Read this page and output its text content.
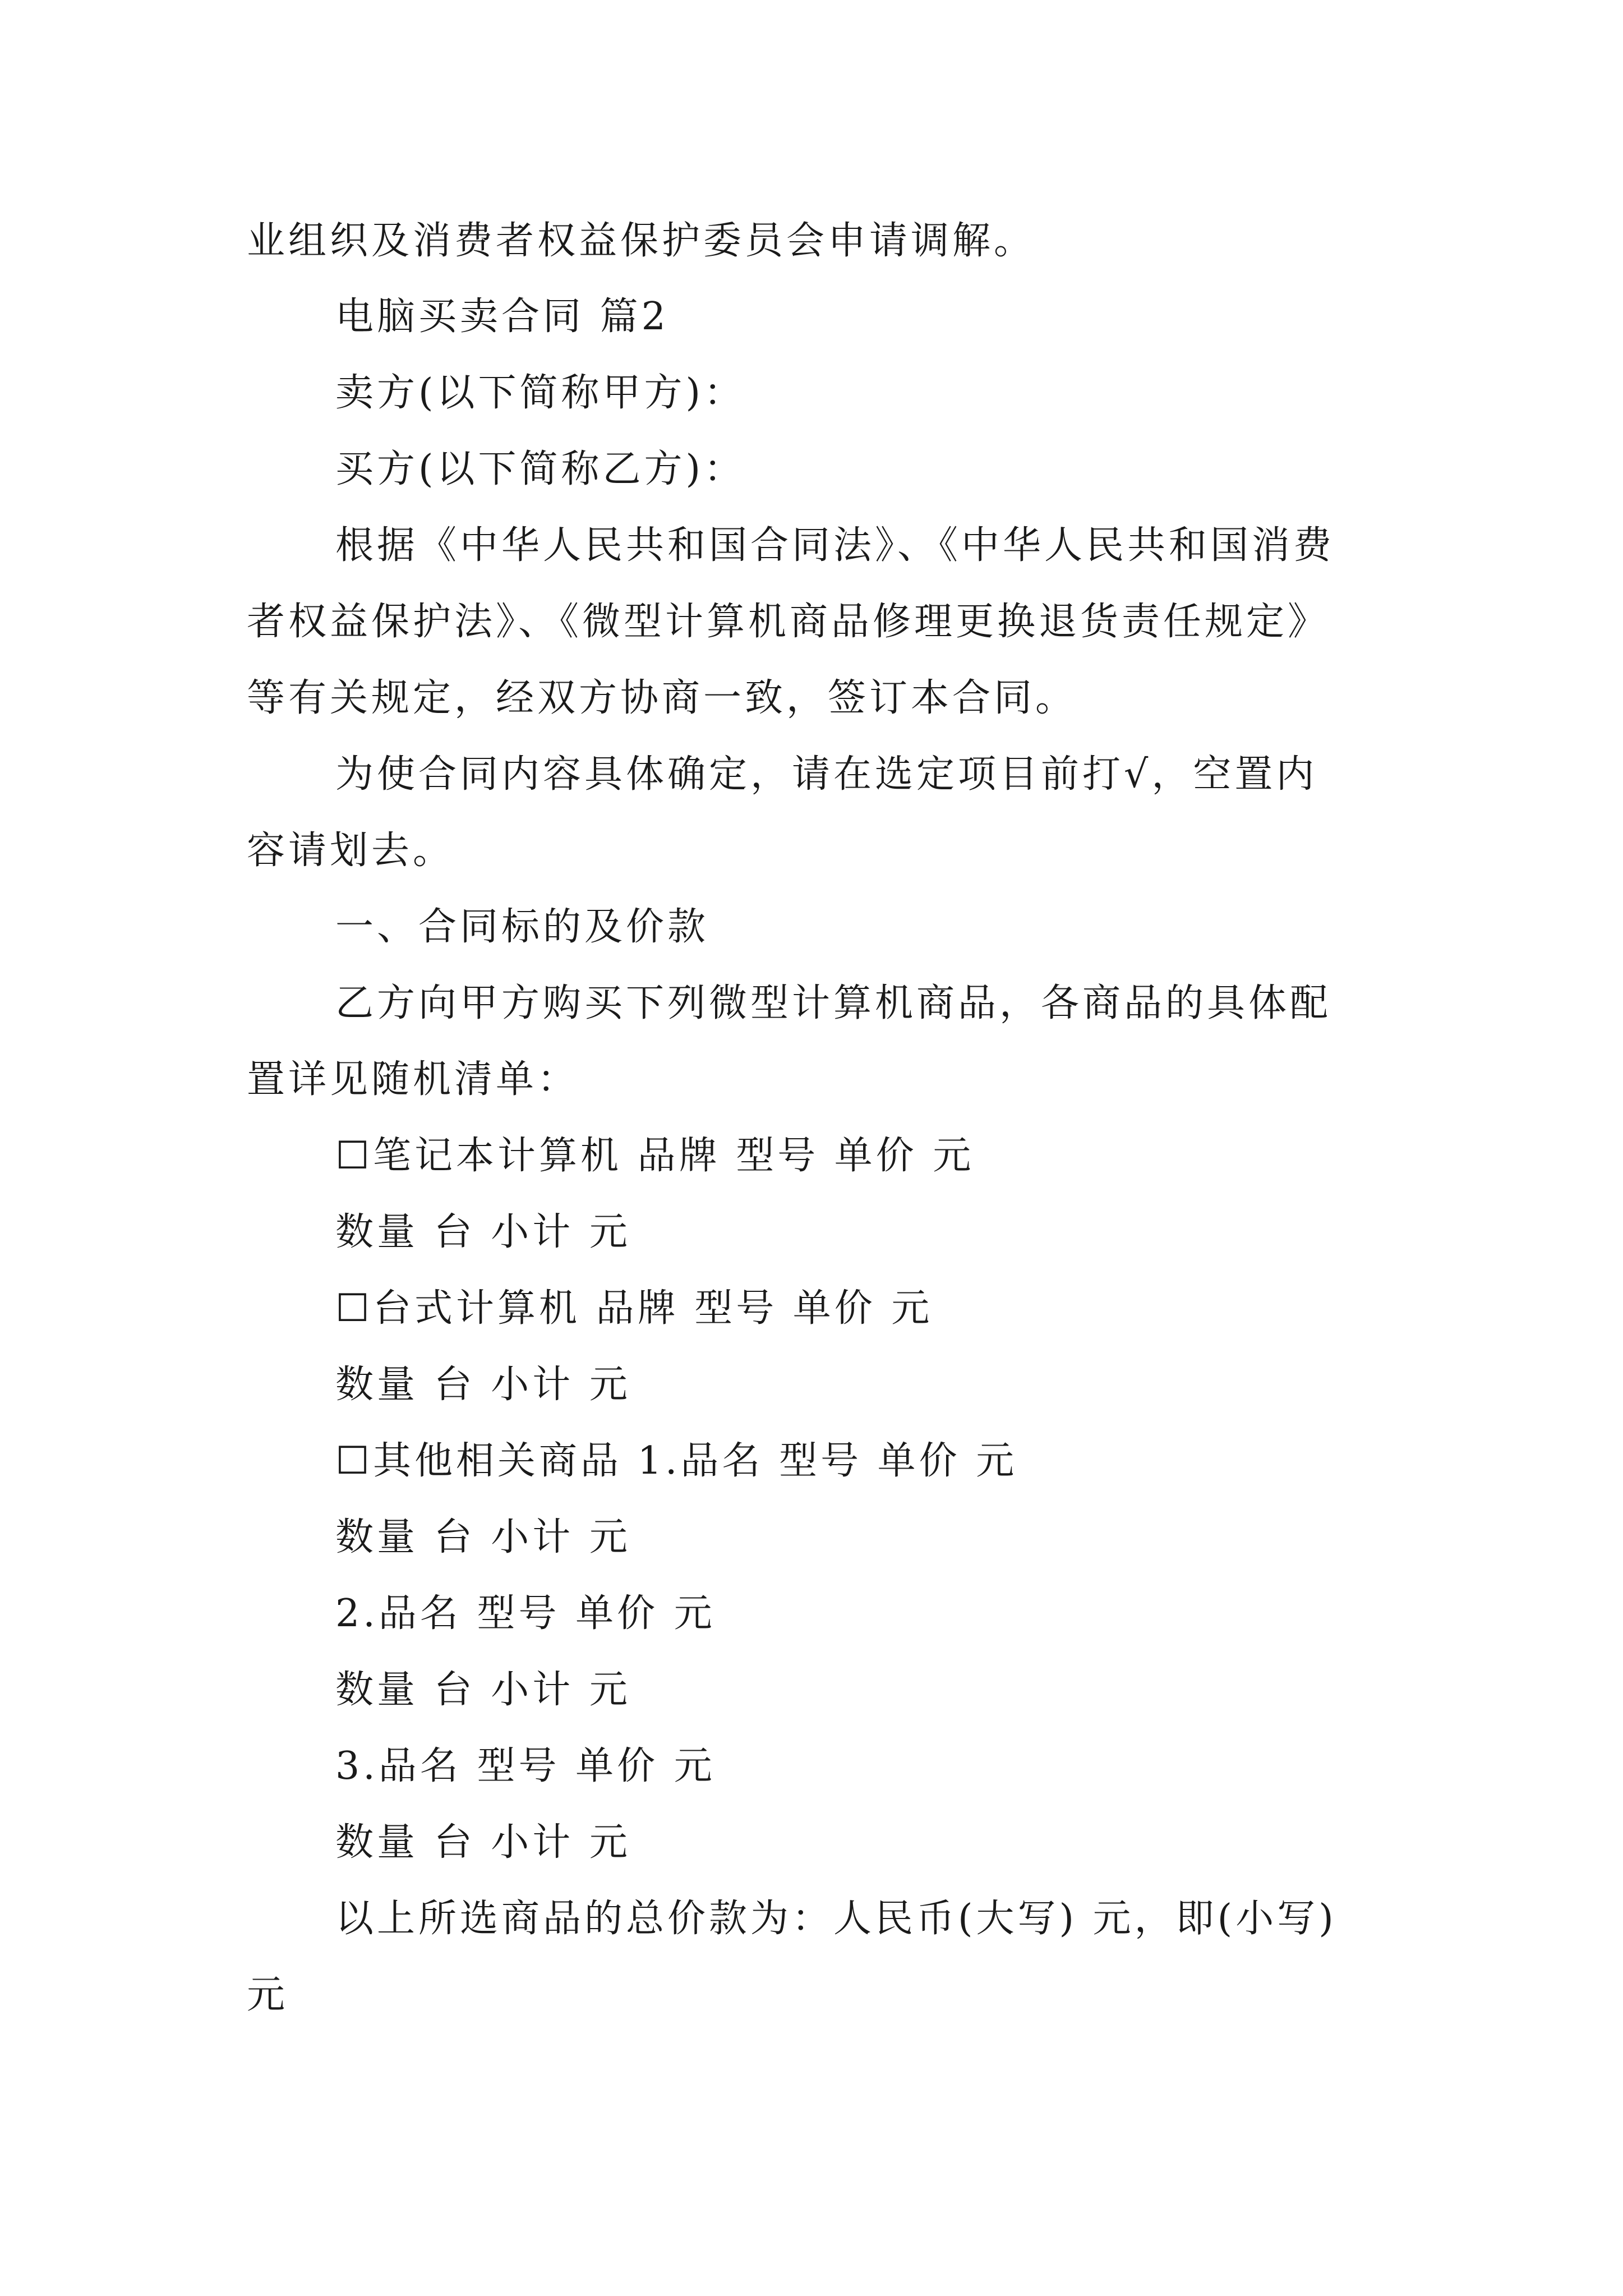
业组织及消费者权益保护委员会申请调解。
电脑买卖合同 篇2
卖方(以下简称甲方)：
买方(以下简称乙方)：
根据《中华人民共和国合同法》、《中华人民共和国消费
者权益保护法》、《微型计算机商品修理更换退货责任规定》
等有关规定，经双方协商一致，签订本合同。
为使合同内容具体确定，请在选定项目前打√，空置内
容请划去。
一、合同标的及价款
乙方向甲方购买下列微型计算机商品，各商品的具体配
置详见随机清单：
☐笔记本计算机 品牌 型号 单价 元
数量 台 小计 元
☐台式计算机 品牌 型号 单价 元
数量 台 小计 元
☐其他相关商品 1.品名 型号 单价 元
数量 台 小计 元
2.品名 型号 单价 元
数量 台 小计 元
3.品名 型号 单价 元
数量 台 小计 元
以上所选商品的总价款为：人民币(大写) 元，即(小写)
元
